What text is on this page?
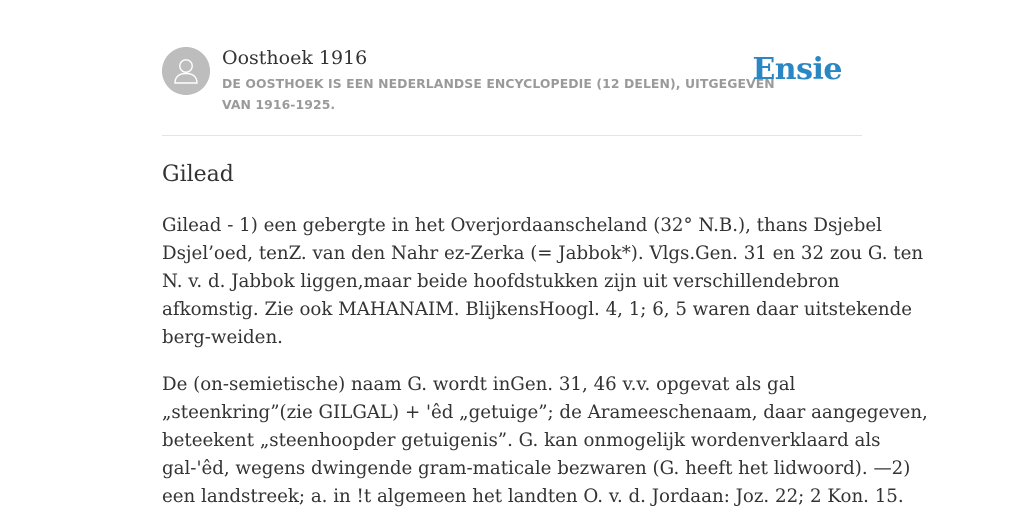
Oosthoek 1916
DE OOSTHOEK IS EEN NEDERLANDSE ENCYCLOPEDIE (12 DELEN), UITGEGEVEN
VAN 1916-1925.
Ensie
Gilead

Gilead - 1) een gebergte in het Overjordaanscheland (32° N.B.), thans Dsjebel
Dsjel’oed, tenZ. van den Nahr ez-Zerka (= Jabbok*). Vlgs.Gen. 31 en 32 zou G. ten
N. v. d. Jabbok liggen,maar beide hoofdstukken zijn uit verschillendebron
afkomstig. Zie ook MAHANAIM. BlijkensHoogl. 4, 1; 6, 5 waren daar uitstekende
berg-weiden.

De (on-semietische) naam G. wordt inGen. 31, 46 v.v. opgevat als gal
„steenkring”(zie GILGAL) + 'êd „getuige”; de Arameeschenaam, daar aangegeven,
beteekent „steenhoopder getuigenis”. G. kan onmogelijk wordenverklaard als
gal-'êd, wegens dwingende gram-maticale bezwaren (G. heeft het lidwoord). —2)
een landstreek; a. in !t algemeen het landten O. v. d. Jordaan: Joz. 22; 2 Kon. 15.
